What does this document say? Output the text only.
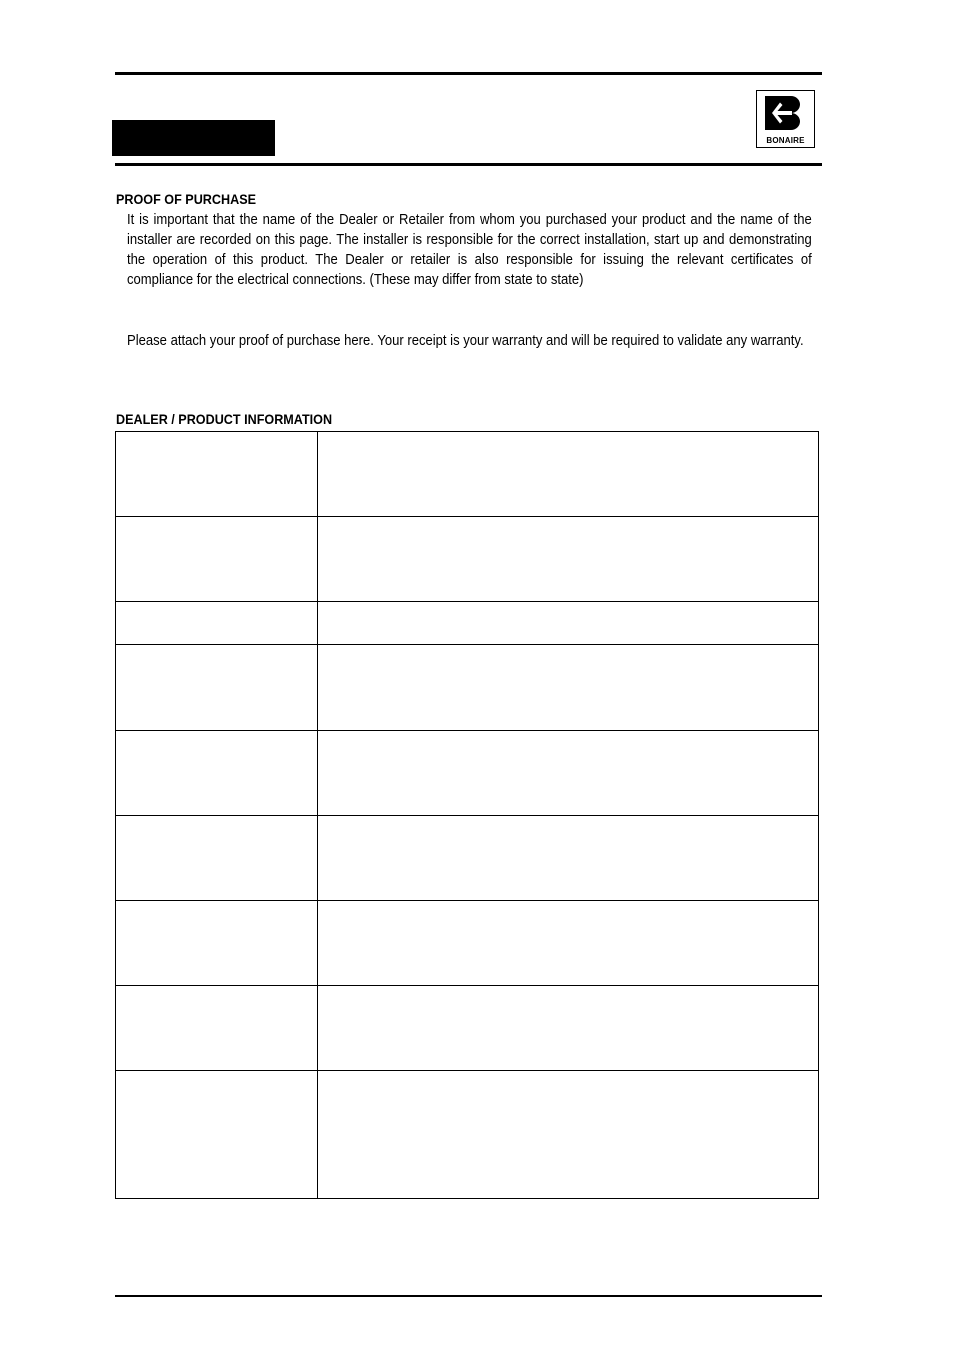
BONAIRE
PROOF OF PURCHASE
It is important that the name of the Dealer or Retailer from whom you purchased your product and the name of the installer are recorded on this page. The installer is responsible for the correct installation, start up and demonstrating the operation of this product. The Dealer or retailer is also responsible for issuing the relevant certificates of compliance for the electrical connections. (These may differ from state to state)
Please attach your proof of purchase here. Your receipt is your warranty and will be required to validate any warranty.
DEALER / PRODUCT INFORMATION
